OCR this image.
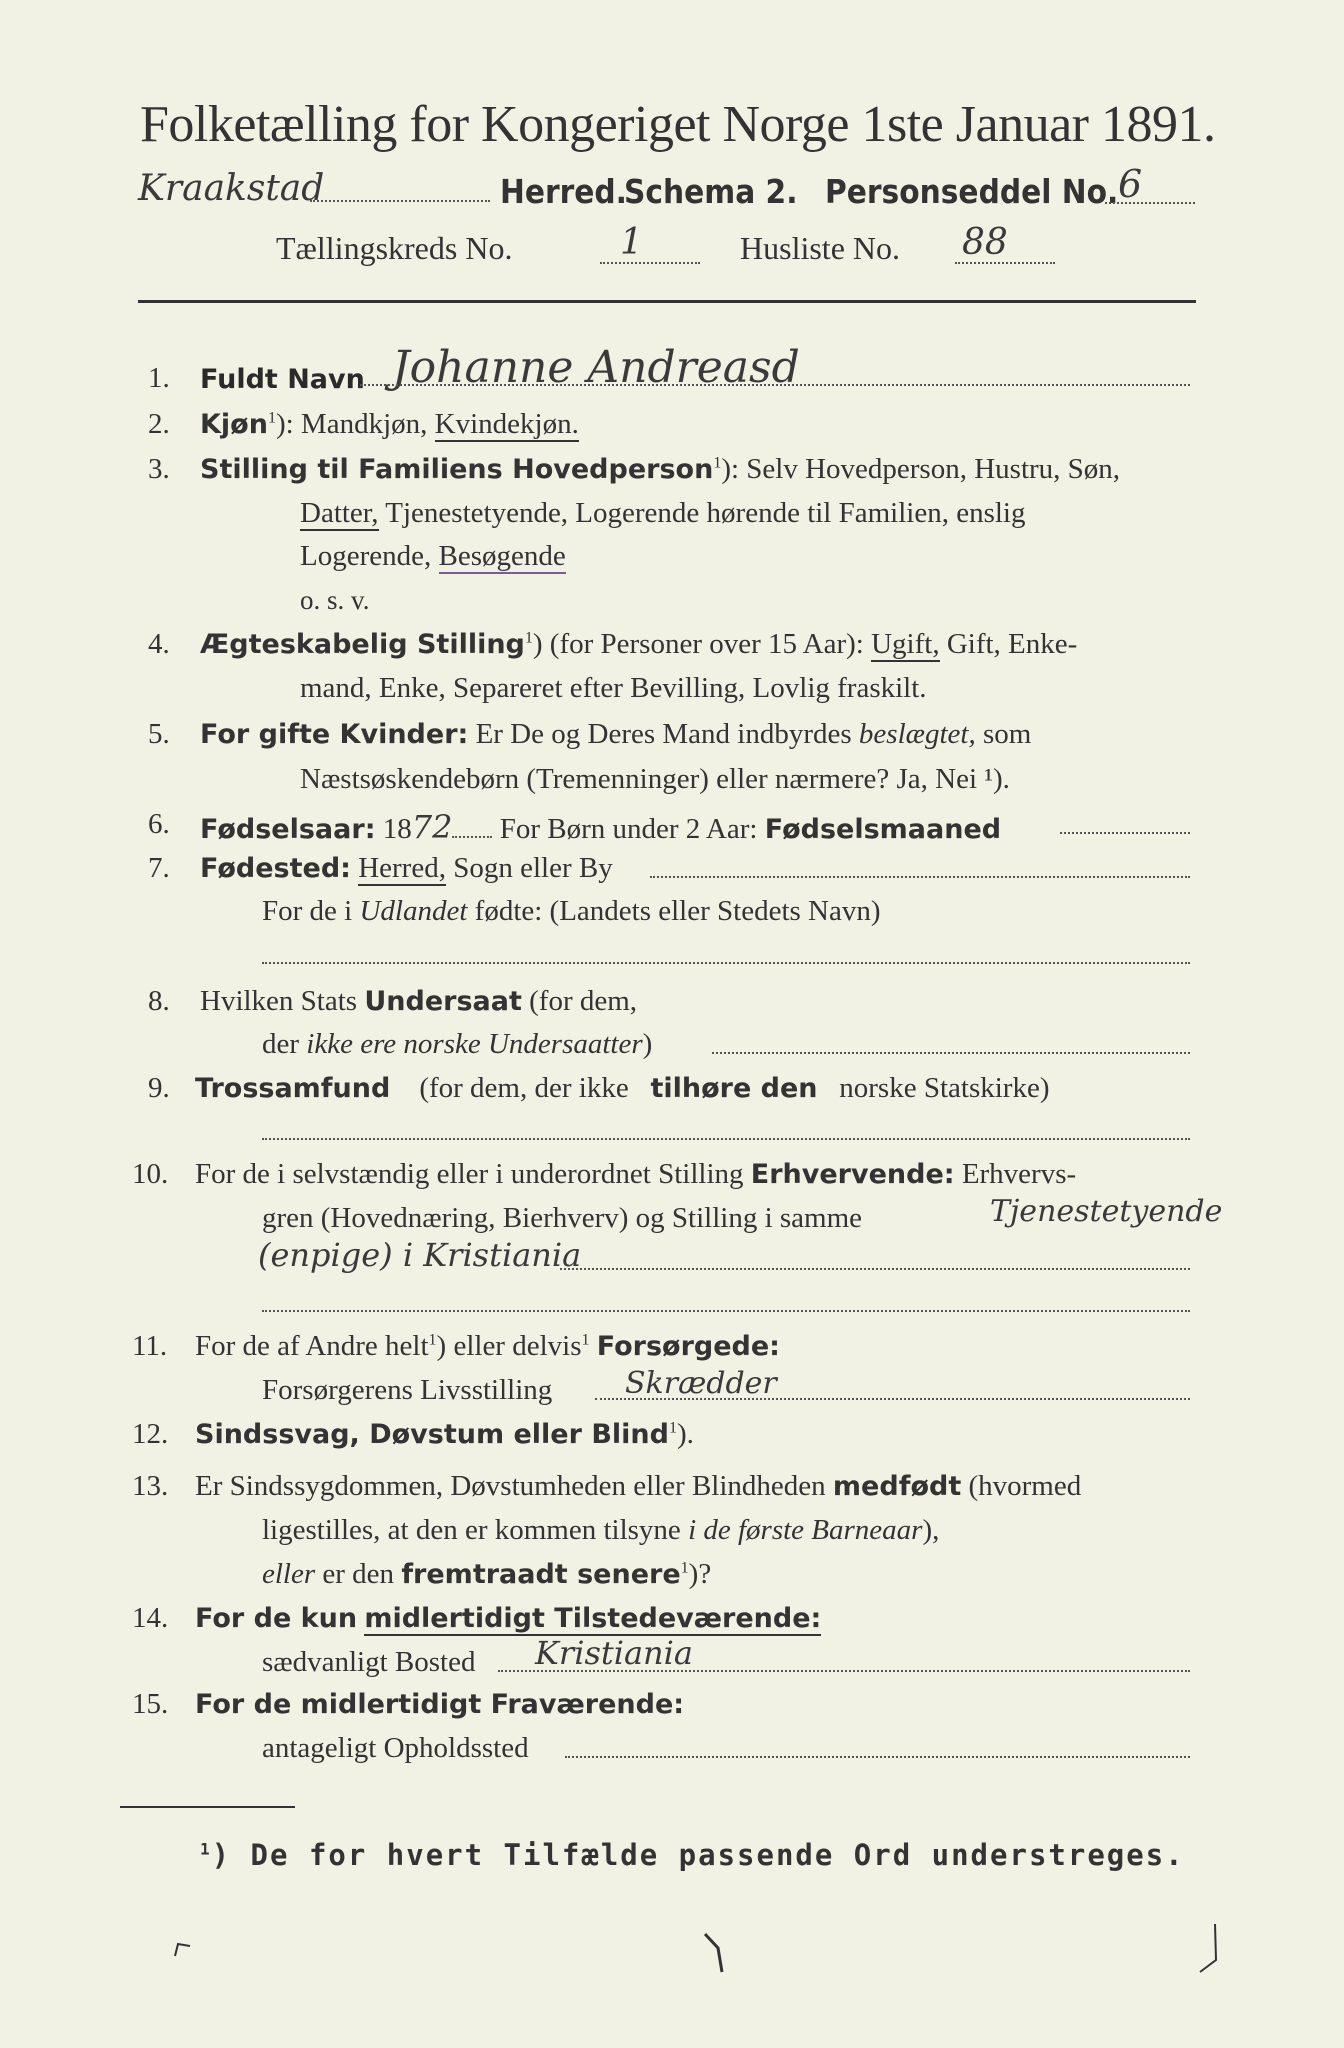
Folketælling for Kongeriget Norge 1ste Januar 1891.
Kraakstad	Herred.
Schema 2. Personseddel No. 6
Tællingskreds No.	1	Husliste No. 88
1. Fuldt Navn Johanne Andreasd
2. Kjøn$^1$): Mandkjøn, Kvindekjøn.
3. Stilling til Familiens Hovedperson$^1$): Selv Hovedperson, Hustru, Søn,
Datter, Tjenestetyende, Logerende hørende til Familien, enslig
Logerende, Besøgende
o. s. v.
4. Ægteskabelig Stilling$^1$) (for Personer over 15 Aar): Ugift, Gift, Enke-
mand, Enke, Separeret efter Bevilling, Lovlig fraskilt.
5. For gifte Kvinder: Er De og Deres Mand indbyrdes beslægtet, som
Næstsøskendebørn (Tremenninger) eller nærmere? Ja, Nei ¹).
6. Fødselsaar: 1872 For Børn under 2 Aar: Fødselsmaaned
7. Fødested: Herred, Sogn eller By
For de i Udlandet fødte: (Landets eller Stedets Navn)
8. Hvilken Stats Undersaat (for dem,
der ikke ere norske Undersaatter)
9. Trossamfund (for dem, der ikke tilhøre den norske Statskirke)
10. For de i selvstændig eller i underordnet Stilling Erhvervende: Erhvervs-
gren (Hovednæring, Bierhverv) og Stilling i samme	Tjenestetyende
(enpige) i Kristiania
11. For de af Andre helt$^1$) eller delvis$^1$ Forsørgede:
Forsørgerens Livsstilling Skrædder
12. Sindssvag, Døvstum eller Blind$^1$).
13. Er Sindssygdommen, Døvstumheden eller Blindheden medfødt (hvormed
ligestilles, at den er kommen tilsyne i de første Barneaar),
eller er den fremtraadt senere$^1$)?
14. For de kun midlertidigt Tilstedeværende:
sædvanligt Bosted Kristiania
15. For de midlertidigt Fraværende:
antageligt Opholdssted
$^1$) De for hvert Tilfælde passende Ord understreges.
